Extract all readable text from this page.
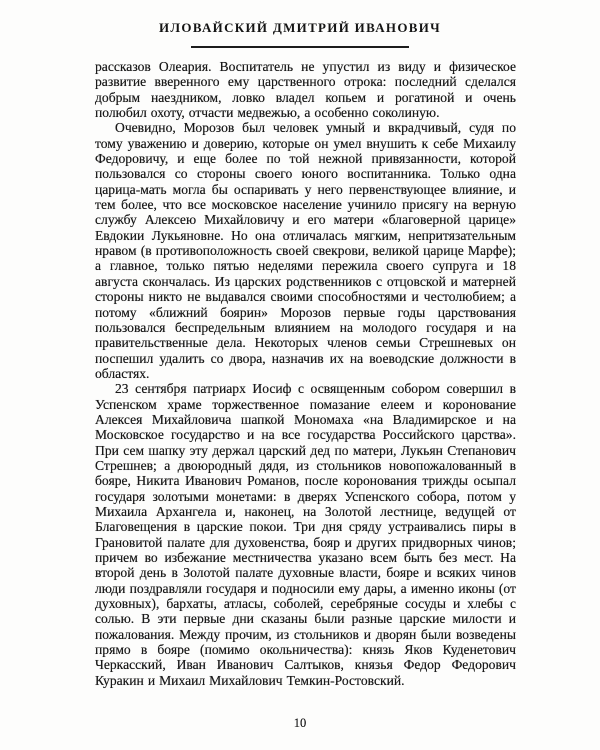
ИЛОВАЙСКИЙ ДМИТРИЙ ИВАНОВИЧ

рассказов Олеария. Воспитатель не упустил из виду и физическое развитие вверенного ему царственного отрока: последний сделался добрым наездником, ловко владел копьем и рогатиной и очень полюбил охоту, отчасти медвежью, а особенно соколиную.

Очевидно, Морозов был человек умный и вкрадчивый, судя по тому уважению и доверию, которые он умел внушить к себе Михаилу Федоровичу, и еще более по той нежной привязанности, которой пользовался со стороны своего юного воспитанника. Только одна царица-мать могла бы оспаривать у него первенствующее влияние, и тем более, что все московское население учинило присягу на верную службу Алексею Михайловичу и его матери «благоверной царице» Евдокии Лукьяновне. Но она отличалась мягким, непритязательным нравом (в противоположность своей свекрови, великой царице Марфе); а главное, только пятью неделями пережила своего супруга и 18 августа скончалась. Из царских родственников с отцовской и матерней стороны никто не выдавался своими способностями и честолюбием; а потому «ближний боярин» Морозов первые годы царствования пользовался беспредельным влиянием на молодого государя и на правительственные дела. Некоторых членов семьи Стрешневых он поспешил удалить со двора, назначив их на воеводские должности в областях.

23 сентября патриарх Иосиф с освященным собором совершил в Успенском храме торжественное помазание елеем и коронование Алексея Михайловича шапкой Мономаха «на Владимирское и на Московское государство и на все государства Российского царства». При сем шапку эту держал царский дед по матери, Лукьян Степанович Стрешнев; а двоюродный дядя, из стольников новопожалованный в бояре, Никита Иванович Романов, после коронования трижды осыпал государя золотыми монетами: в дверях Успенского собора, потом у Михаила Архангела и, наконец, на Золотой лестнице, ведущей от Благовещения в царские покои. Три дня сряду устраивались пиры в Грановитой палате для духовенства, бояр и других придворных чинов; причем во избежание местничества указано всем быть без мест. На второй день в Золотой палате духовные власти, бояре и всяких чинов люди поздравляли государя и подносили ему дары, а именно иконы (от духовных), бархаты, атласы, соболей, серебряные сосуды и хлебы с солью. В эти первые дни сказаны были разные царские милости и пожалования. Между прочим, из стольников и дворян были возведены прямо в бояре (помимо окольничества): князь Яков Куденетович Черкасский, Иван Иванович Салтыков, князья Федор Федорович Куракин и Михаил Михайлович Темкин-Ростовский.

10
